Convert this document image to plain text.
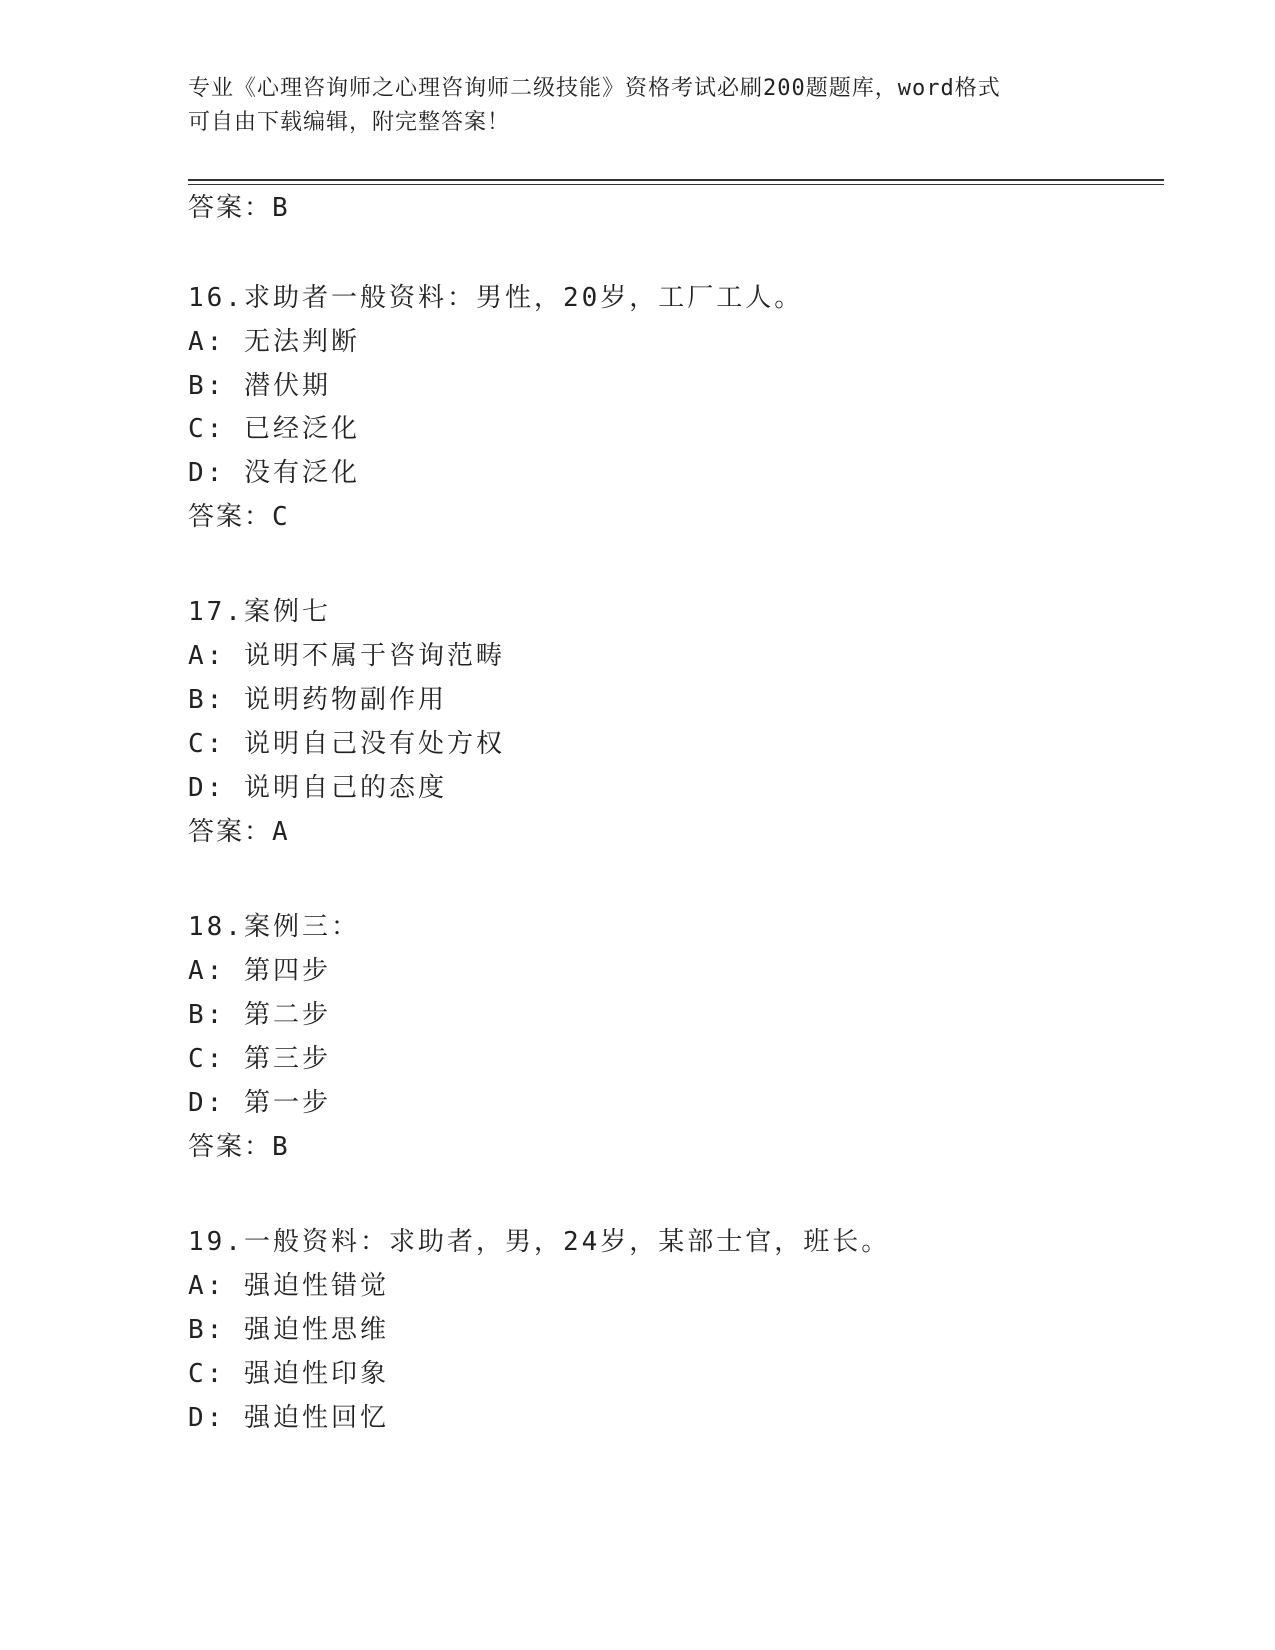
专业《心理咨询师之心理咨询师二级技能》资格考试必刷200题题库，word格式
可自由下载编辑，附完整答案！
答案：B
16.求助者一般资料：男性，20岁，工厂工人。
A: 无法判断
B: 潜伏期
C: 已经泛化
D: 没有泛化
答案：C
17.案例七
A: 说明不属于咨询范畴
B: 说明药物副作用
C: 说明自己没有处方权
D: 说明自己的态度
答案：A
18.案例三：
A: 第四步
B: 第二步
C: 第三步
D: 第一步
答案：B
19.一般资料：求助者，男，24岁，某部士官，班长。
A: 强迫性错觉
B: 强迫性思维
C: 强迫性印象
D: 强迫性回忆
